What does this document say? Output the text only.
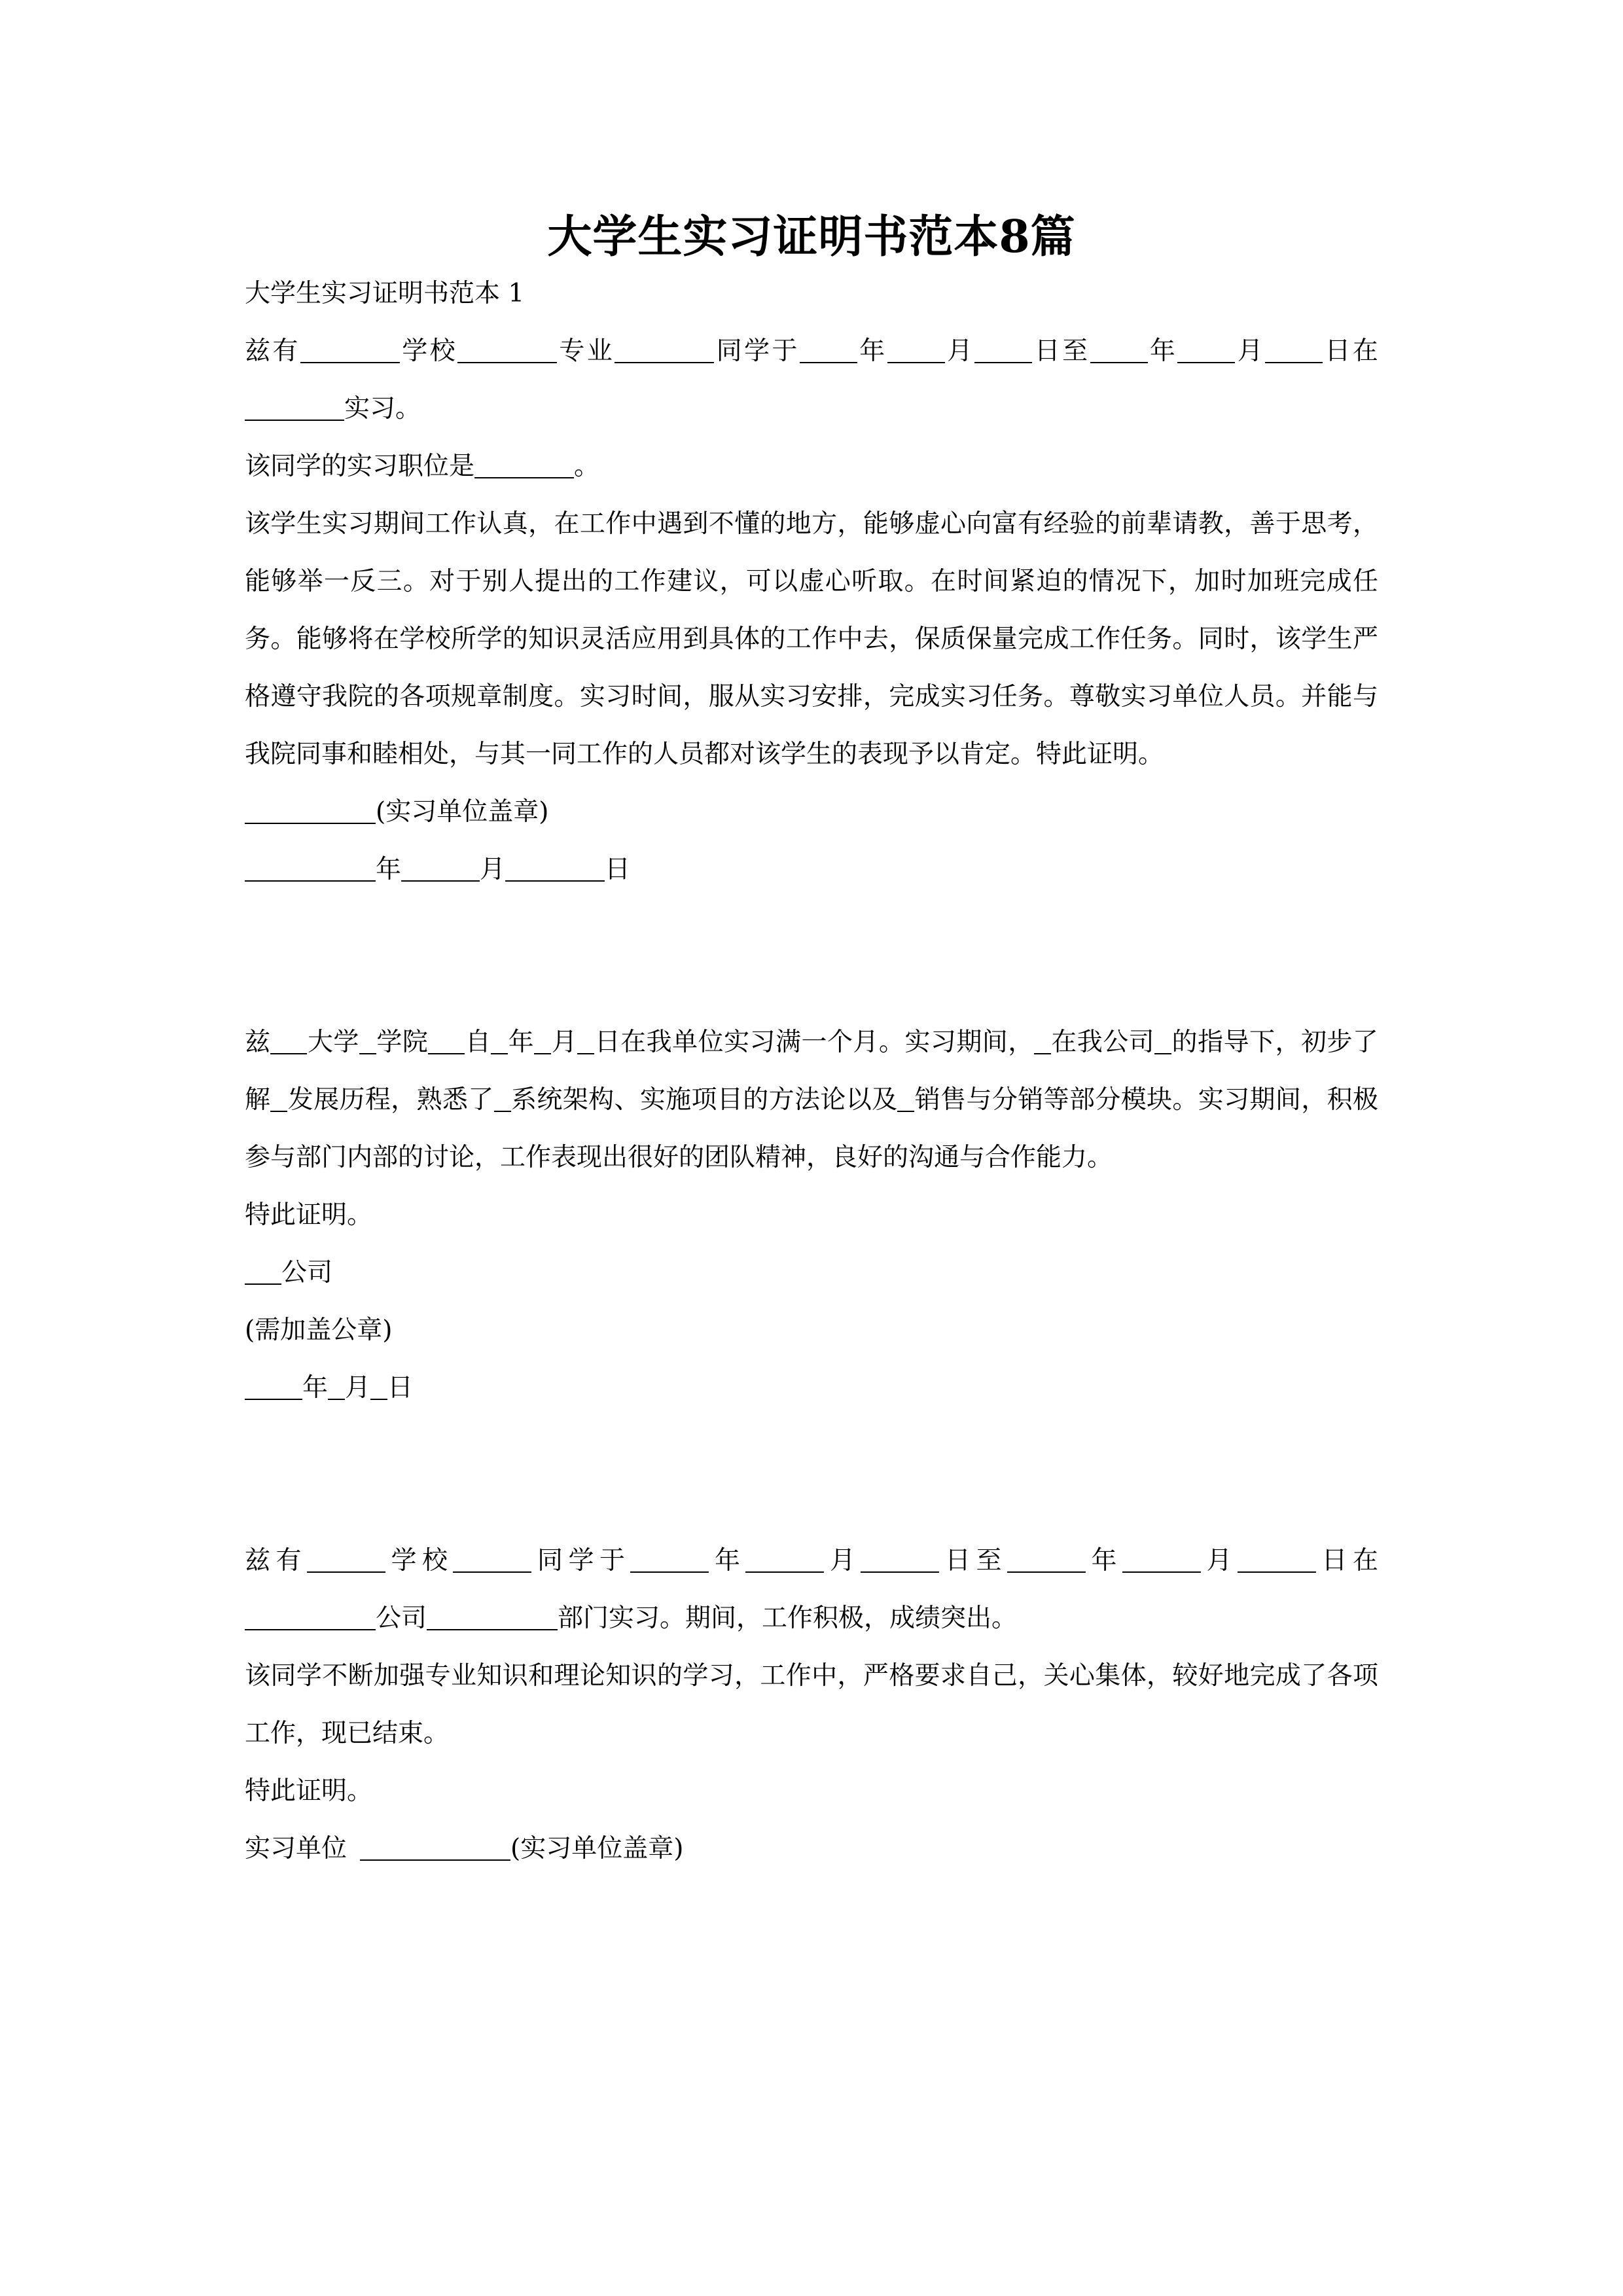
大学生实习证明书范本8篇

大学生实习证明书范本 1

兹有	学校	专业	同学于 年 月 日至 年 月 日在实习。

该同学的实习职位是	。

该学生实习期间工作认真，在工作中遇到不懂的地方，能够虚心向富有经验的前辈请教，善于思考，能够举一反三。对于别人提出的工作建议，可以虚心听取。在时间紧迫的情况下，加时加班完成任务。能够将在学校所学的知识灵活应用到具体的工作中去，保质保量完成工作任务。同时，该学生严格遵守我院的各项规章制度。实习时间，服从实习安排，完成实习任务。尊敬实习单位人员。并能与我院同事和睦相处，与其一同工作的人员都对该学生的表现予以肯定。特此证明。

(实习单位盖章)

年	月	日

兹 大学 学院 自 年 月 日在我单位实习满一个月。实习期间， 在我公司 的指导下，初步了解 发展历程，熟悉了 系统架构、实施项目的方法论以及 销售与分销等部分模块。实习期间，积极参与部门内部的讨论，工作表现出很好的团队精神，良好的沟通与合作能力。

特此证明。

公司

(需加盖公章)

年 月 日

兹有	学校	同学于	年	月	日至	年	月	日在公司	部门实习。期间，工作积极，成绩突出。

该同学不断加强专业知识和理论知识的学习，工作中，严格要求自己，关心集体，较好地完成了各项工作，现已结束。

特此证明。

实习单位	(实习单位盖章)
